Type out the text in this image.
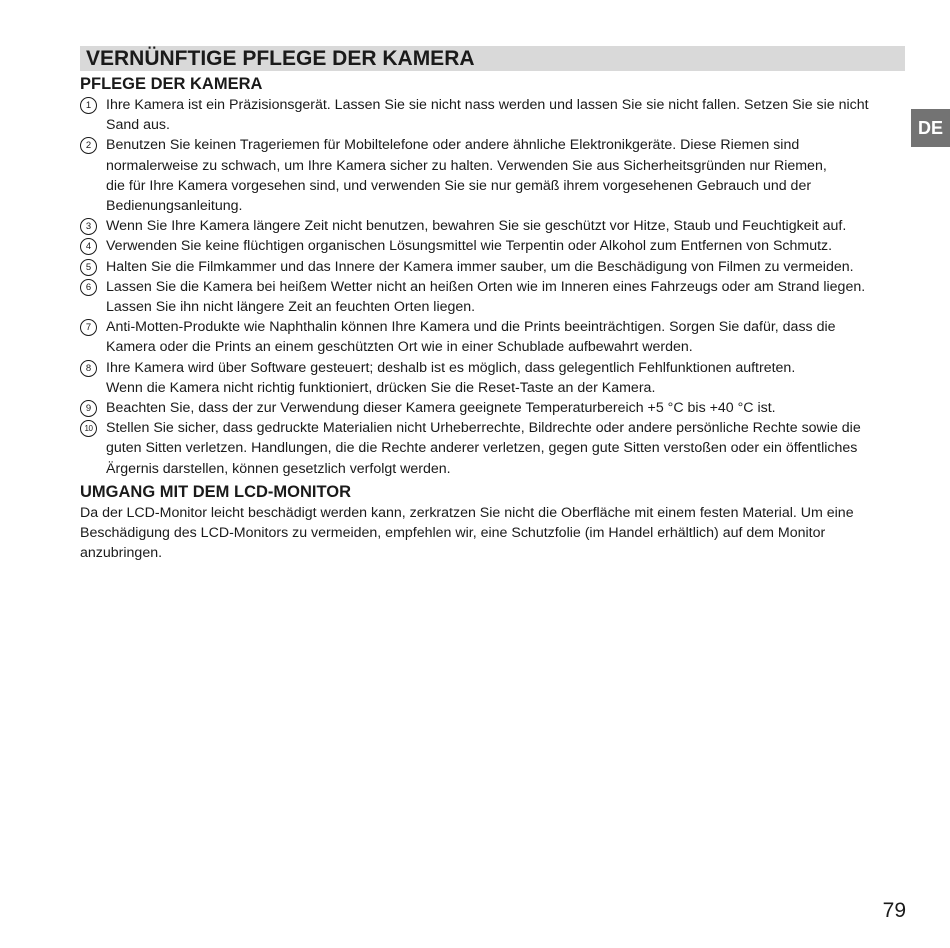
VERNÜNFTIGE PFLEGE DER KAMERA
DE
PFLEGE DER KAMERA
1	Ihre Kamera ist ein Präzisionsgerät. Lassen Sie sie nicht nass werden und lassen Sie sie nicht fallen. Setzen Sie sie nicht
Sand aus.
2	Benutzen Sie keinen Trageriemen für Mobiltelefone oder andere ähnliche Elektronikgeräte. Diese Riemen sind
normalerweise zu schwach, um Ihre Kamera sicher zu halten. Verwenden Sie aus Sicherheitsgründen nur Riemen,
die für Ihre Kamera vorgesehen sind, und verwenden Sie sie nur gemäß ihrem vorgesehenen Gebrauch und der
Bedienungsanleitung.
3	Wenn Sie Ihre Kamera längere Zeit nicht benutzen, bewahren Sie sie geschützt vor Hitze, Staub und Feuchtigkeit auf.
4	Verwenden Sie keine flüchtigen organischen Lösungsmittel wie Terpentin oder Alkohol zum Entfernen von Schmutz.
5	Halten Sie die Filmkammer und das Innere der Kamera immer sauber, um die Beschädigung von Filmen zu vermeiden.
6	Lassen Sie die Kamera bei heißem Wetter nicht an heißen Orten wie im Inneren eines Fahrzeugs oder am Strand liegen.
Lassen Sie ihn nicht längere Zeit an feuchten Orten liegen.
7	Anti-Motten-Produkte wie Naphthalin können Ihre Kamera und die Prints beeinträchtigen. Sorgen Sie dafür, dass die
Kamera oder die Prints an einem geschützten Ort wie in einer Schublade aufbewahrt werden.
8	Ihre Kamera wird über Software gesteuert; deshalb ist es möglich, dass gelegentlich Fehlfunktionen auftreten.
Wenn die Kamera nicht richtig funktioniert, drücken Sie die Reset-Taste an der Kamera.
9	Beachten Sie, dass der zur Verwendung dieser Kamera geeignete Temperaturbereich +5 °C bis +40 °C ist.
10 Stellen Sie sicher, dass gedruckte Materialien nicht Urheberrechte, Bildrechte oder andere persönliche Rechte sowie die
guten Sitten verletzen. Handlungen, die die Rechte anderer verletzen, gegen gute Sitten verstoßen oder ein öffentliches
Ärgernis darstellen, können gesetzlich verfolgt werden.
UMGANG MIT DEM LCD-MONITOR

Da der LCD-Monitor leicht beschädigt werden kann, zerkratzen Sie nicht die Oberfläche mit einem festen Material. Um eine
Beschädigung des LCD-Monitors zu vermeiden, empfehlen wir, eine Schutzfolie (im Handel erhältlich) auf dem Monitor
anzubringen.

79
